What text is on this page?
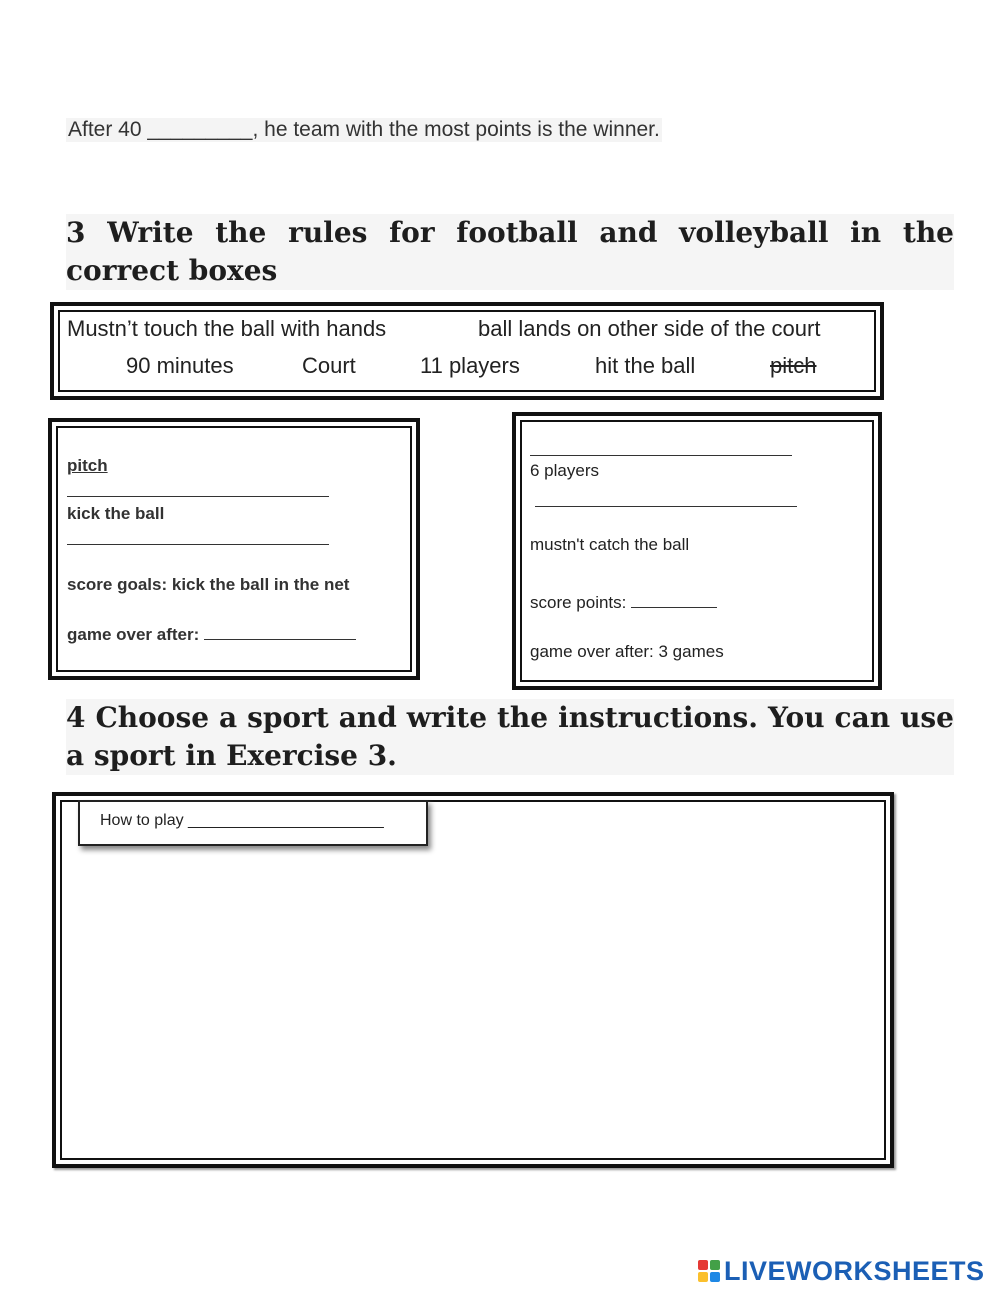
After 40 _________, he team with the most points is the winner.
3 Write the rules for football and volleyball in the correct boxes
Mustn’t touch the ball with hands	ball lands on other side of the court
90 minutes	Court	11 players	hit the ball	pitch
pitch
kick the ball
score goals: kick the ball in the net
game over after:
6 players
mustn't catch the ball
score points:
game over after: 3 games
4 Choose a sport and write the instructions. You can use a sport in Exercise 3.
How to play ______________________
LIVEWORKSHEETS
